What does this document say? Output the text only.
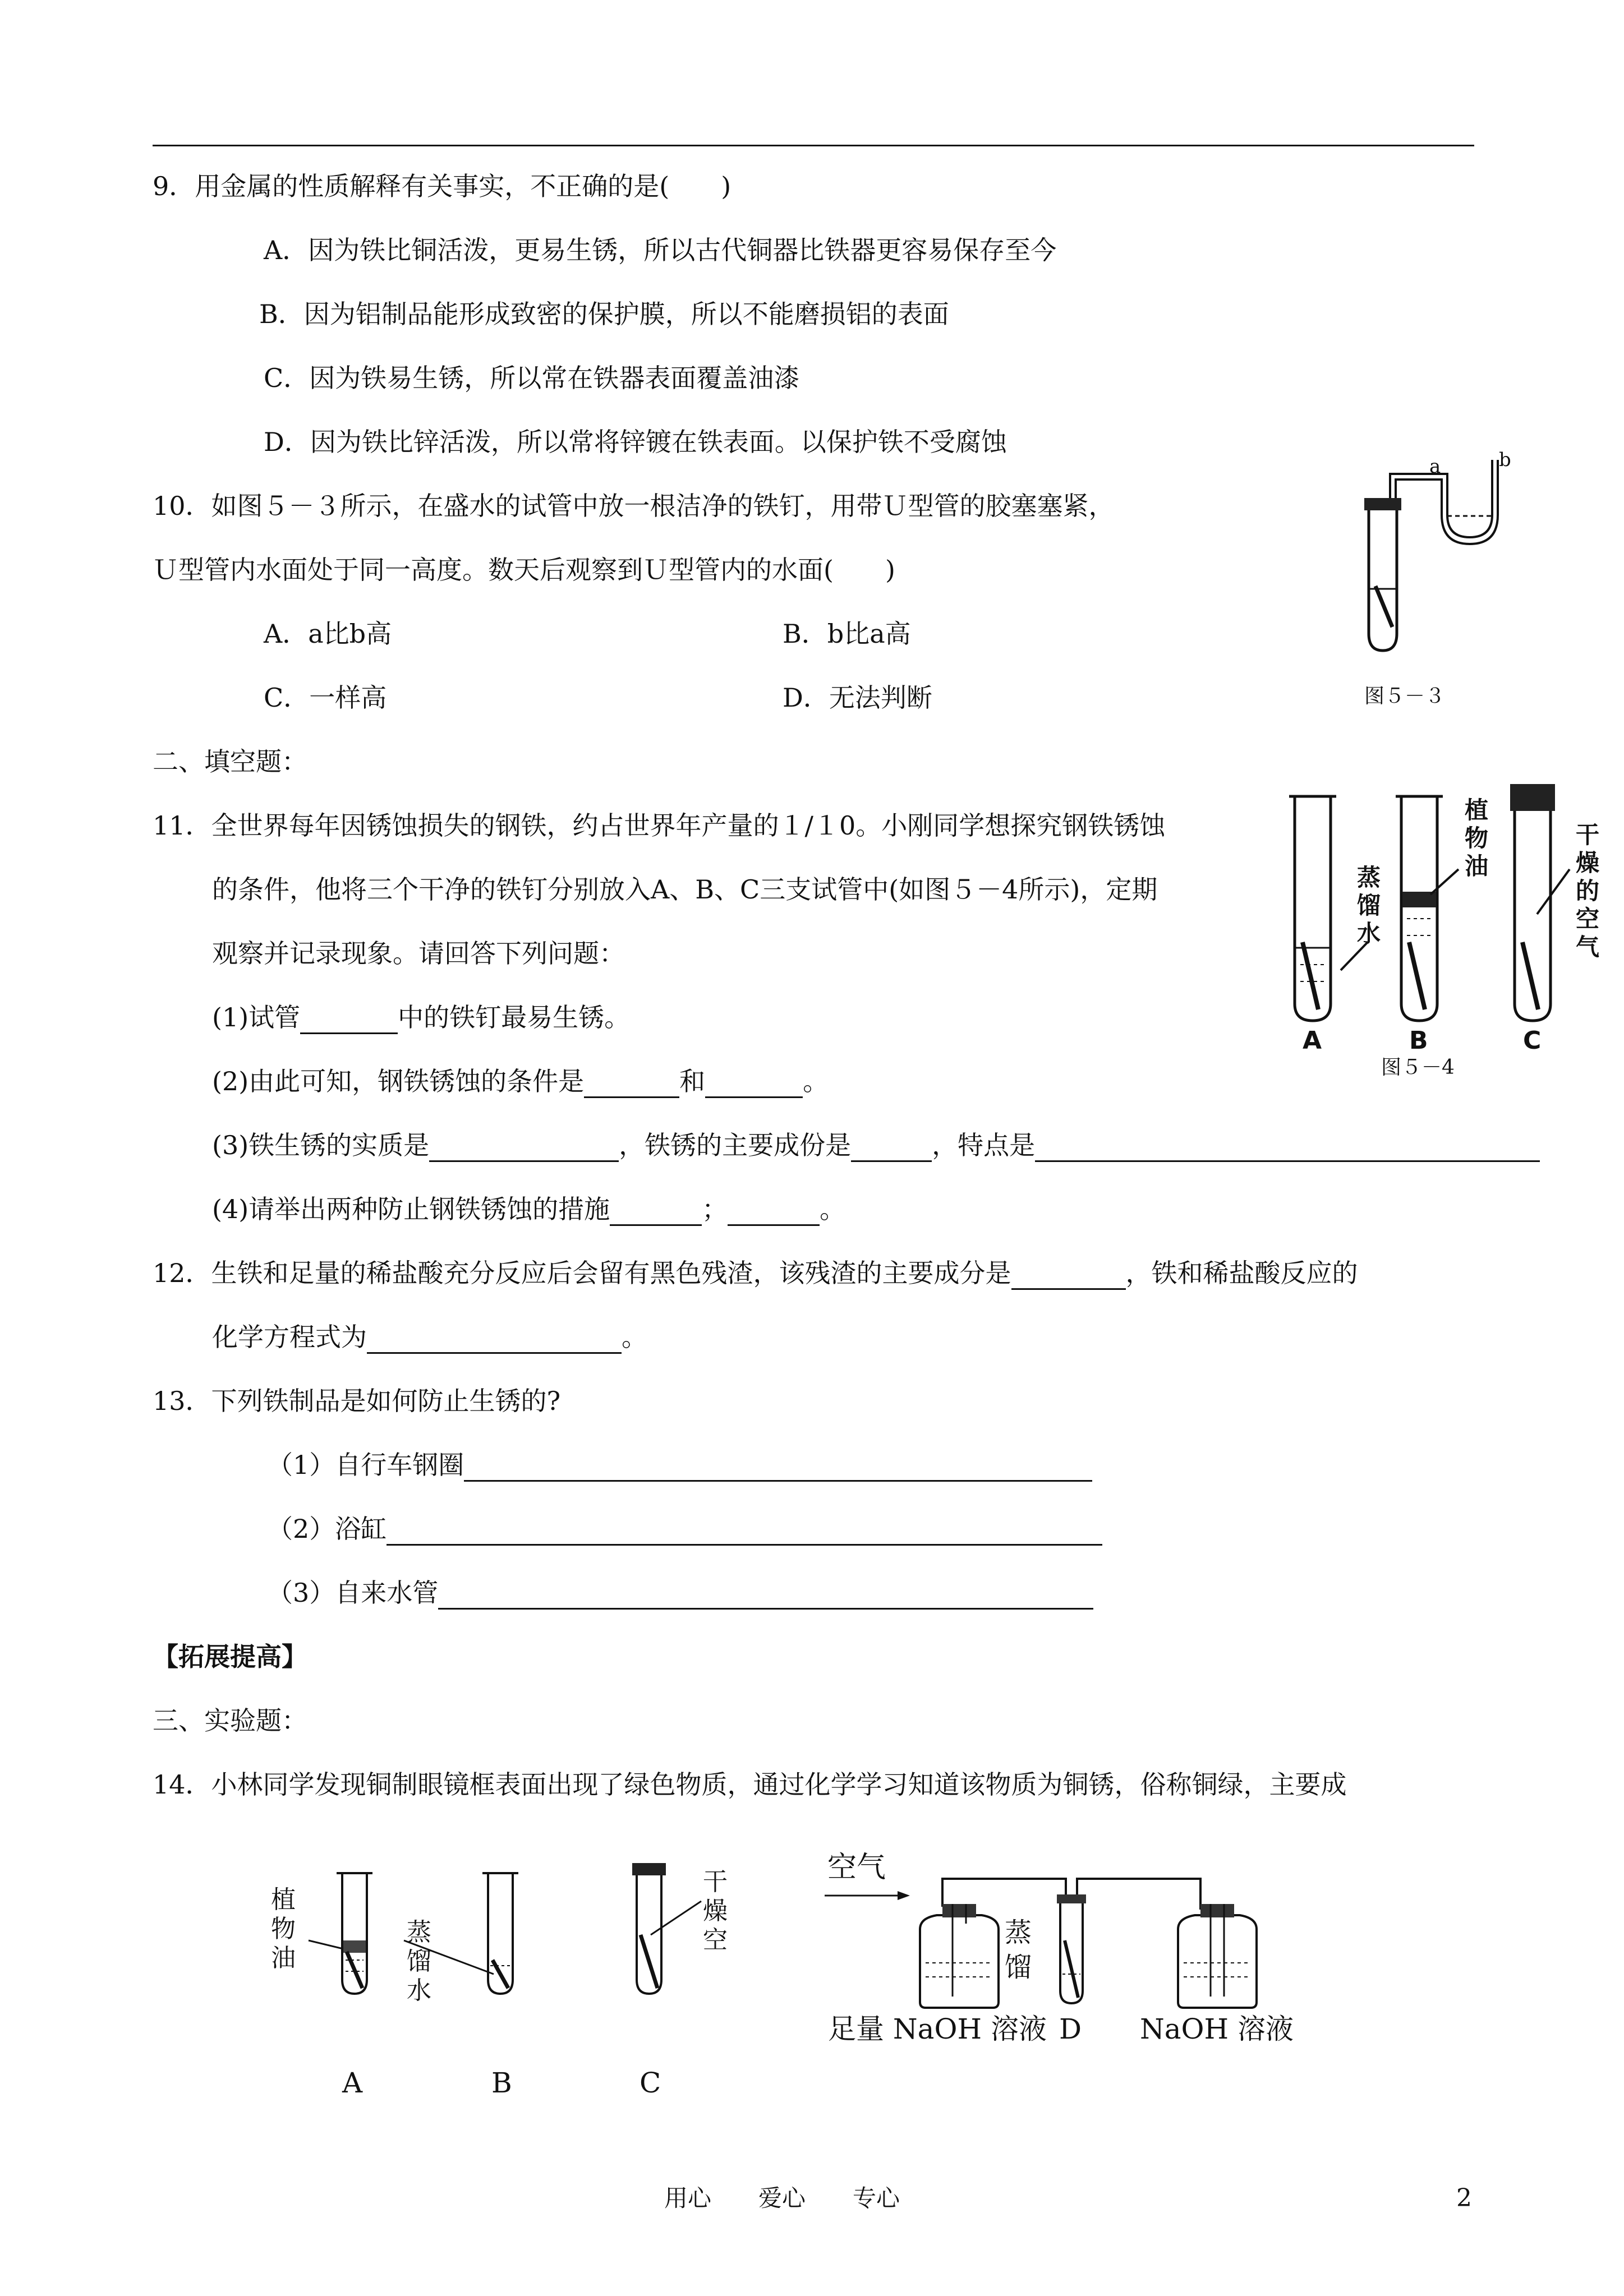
9．用金属的性质解释有关事实，不正确的是(　　)
A．因为铁比铜活泼，更易生锈，所以古代铜器比铁器更容易保存至今
B．因为铝制品能形成致密的保护膜，所以不能磨损铝的表面
C．因为铁易生锈，所以常在铁器表面覆盖油漆
D．因为铁比锌活泼，所以常将锌镀在铁表面。以保护铁不受腐蚀
10．如图５－３所示，在盛水的试管中放一根洁净的铁钉，用带Ｕ型管的胶塞塞紧，
Ｕ型管内水面处于同一高度。数天后观察到Ｕ型管内的水面(　　)
A．a比b高	B．b比a高
C．一样高	D．无法判断
a	b
图５－３
二、填空题：
11．全世界每年因锈蚀损失的钢铁，约占世界年产量的１/１0。小刚同学想探究钢铁锈蚀
的条件，他将三个干净的铁钉分别放入A、B、C三支试管中(如图５－4所示)，定期
观察并记录现象。请回答下列问题：
(1)试管	中的铁钉最易生锈。
(2)由此可知，钢铁锈蚀的条件是	和	。
(3)铁生锈的实质是	，铁锈的主要成份是	，特点是
(4)请举出两种防止钢铁锈蚀的措施	；	。
蒸馏水
植物油
干燥的空气
A	B	C
图５－4
12．生铁和足量的稀盐酸充分反应后会留有黑色残渣，该残渣的主要成分是	，铁和稀盐酸反应的
化学方程式为	。
13．下列铁制品是如何防止生锈的?
（1）自行车钢圈
（2）浴缸
（3）自来水管
【拓展提高】
三、实验题：
14．小林同学发现铜制眼镜框表面出现了绿色物质，通过化学学习知道该物质为铜锈，俗称铜绿，主要成
植物油
蒸馏水
干燥空
空气
蒸馏
足量 NaOH 溶液 D NaOH 溶液
A	B	C
用心　　爱心　　专心	2
